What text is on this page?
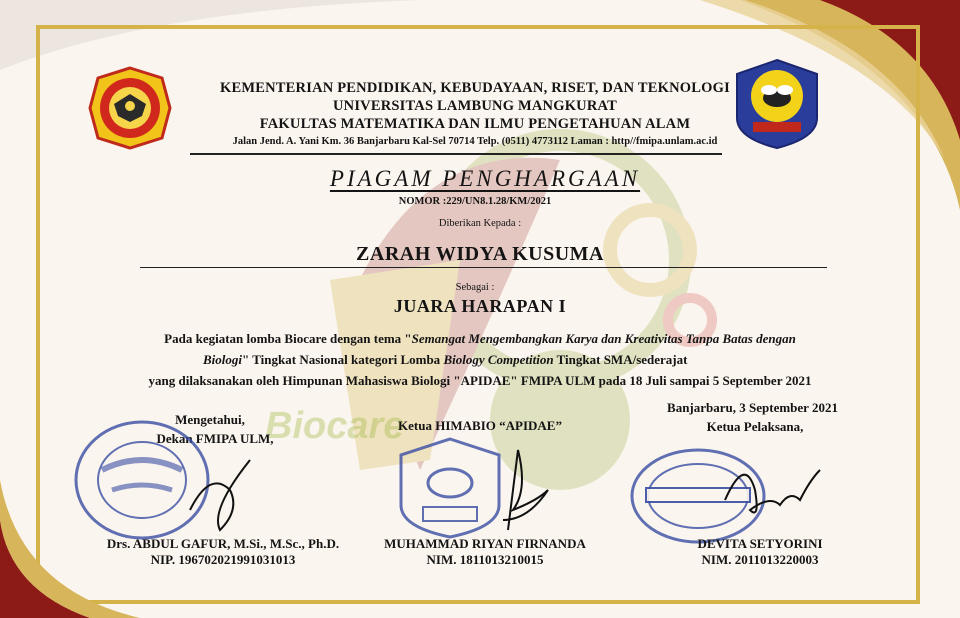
KEMENTERIAN PENDIDIKAN, KEBUDAYAAN, RISET, DAN TEKNOLOGI
UNIVERSITAS LAMBUNG MANGKURAT
FAKULTAS MATEMATIKA DAN ILMU PENGETAHUAN ALAM
Jalan Jend. A. Yani Km. 36 Banjarbaru Kal-Sel 70714 Telp. (0511) 4773112 Laman : http//fmipa.unlam.ac.id
PIAGAM PENGHARGAAN
NOMOR :229/UN8.1.28/KM/2021
Diberikan Kepada :
ZARAH WIDYA KUSUMA
Sebagai :
JUARA HARAPAN I
Pada kegiatan lomba Biocare dengan tema "Semangat Mengembangkan Karya dan Kreativitas Tanpa Batas dengan
Biologi" Tingkat Nasional kategori Lomba Biology Competition Tingkat SMA/sederajat
yang dilaksanakan oleh Himpunan Mahasiswa Biologi "APIDAE" FMIPA ULM pada 18 Juli sampai 5 September 2021
Biocare
Mengetahui,
Dekan FMIPA ULM,
Drs. ABDUL GAFUR, M.Si., M.Sc., Ph.D.
NIP. 196702021991031013
Ketua HIMABIO “APIDAE”
MUHAMMAD RIYAN FIRNANDA
NIM. 1811013210015
Banjarbaru, 3 September 2021
Ketua Pelaksana,
DEVITA SETYORINI
NIM. 2011013220003
